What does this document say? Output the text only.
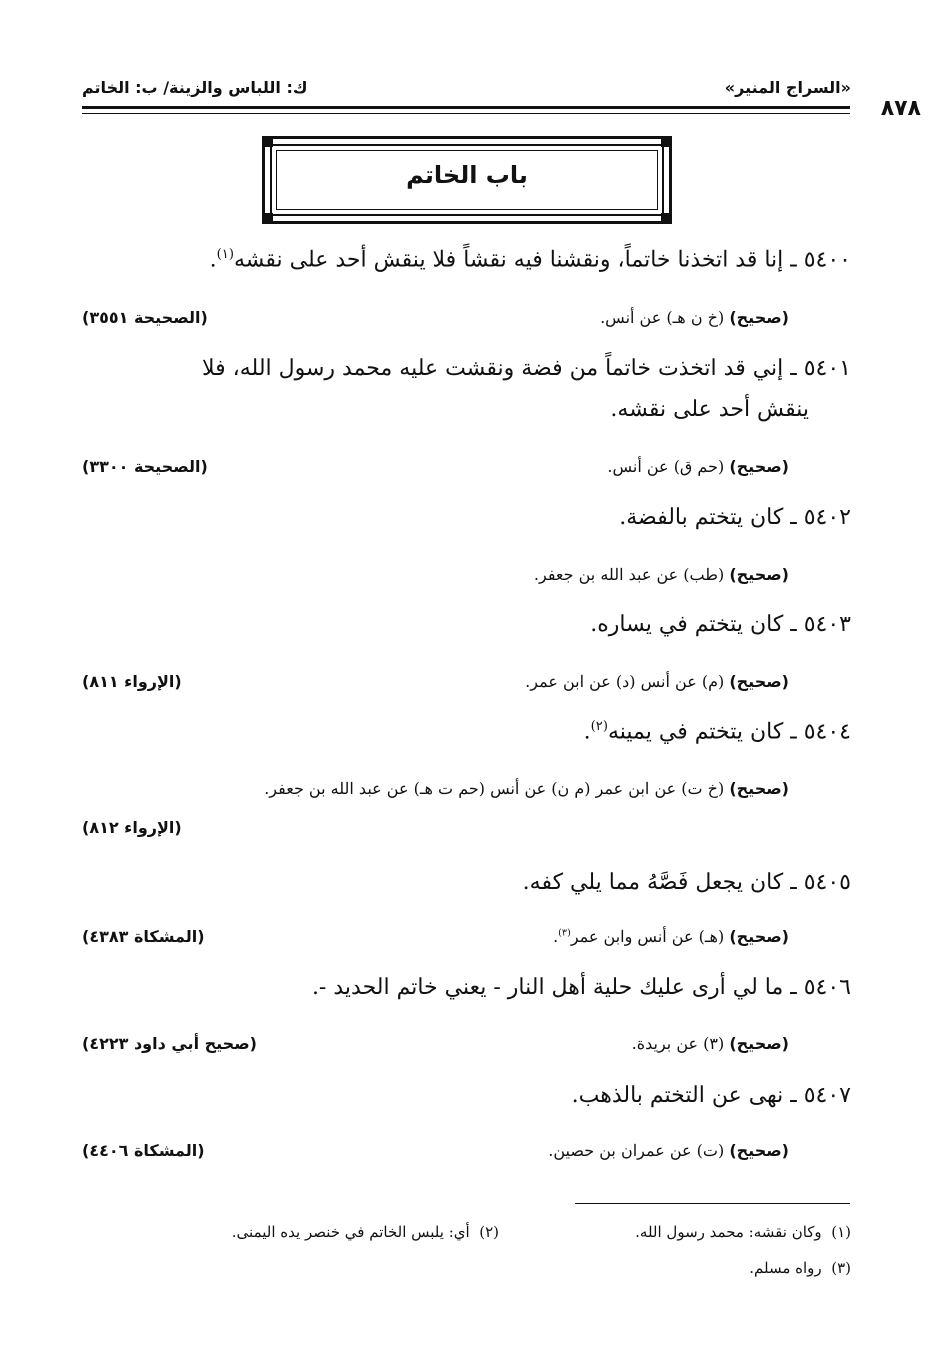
«السراج المنير»
ك: اللباس والزينة/ ب: الخاتم
٨٧٨
باب الخاتم
٥٤٠٠ ـ إنا قد اتخذنا خاتماً، ونقشنا فيه نقشاً فلا ينقش أحد على نقشه$^{(١)}$.
(صحيح) (خ ن هـ) عن أنس.
(الصحيحة ٣٥٥١)
٥٤٠١ ـ إني قد اتخذت خاتماً من فضة ونقشت عليه محمد رسول الله، فلا
ينقش أحد على نقشه.
(صحيح) (حم ق) عن أنس.
(الصحيحة ٣٣٠٠)
٥٤٠٢ ـ كان يتختم بالفضة.
(صحيح) (طب) عن عبد الله بن جعفر.
٥٤٠٣ ـ كان يتختم في يساره.
(صحيح) (م) عن أنس (د) عن ابن عمر.
(الإرواء ٨١١)
٥٤٠٤ ـ كان يتختم في يمينه$^{(٢)}$.
(صحيح) (خ ت) عن ابن عمر (م ن) عن أنس (حم ت هـ) عن عبد الله بن جعفر.
(الإرواء ٨١٢)
٥٤٠٥ ـ كان يجعل فَصَّهُ مما يلي كفه.
(صحيح) (هـ) عن أنس وابن عمر$^{(٣)}$.
(المشكاة ٤٣٨٣)
٥٤٠٦ ـ ما لي أرى عليك حلية أهل النار - يعني خاتم الحديد -.
(صحيح) (٣) عن بريدة.
(صحيح أبي داود ٤٢٢٣)
٥٤٠٧ ـ نهى عن التختم بالذهب.
(صحيح) (ت) عن عمران بن حصين.
(المشكاة ٤٤٠٦)
(١)  وكان نقشه: محمد رسول الله.
(٢)  أي: يلبس الخاتم في خنصر يده اليمنى.
(٣)  رواه مسلم.
